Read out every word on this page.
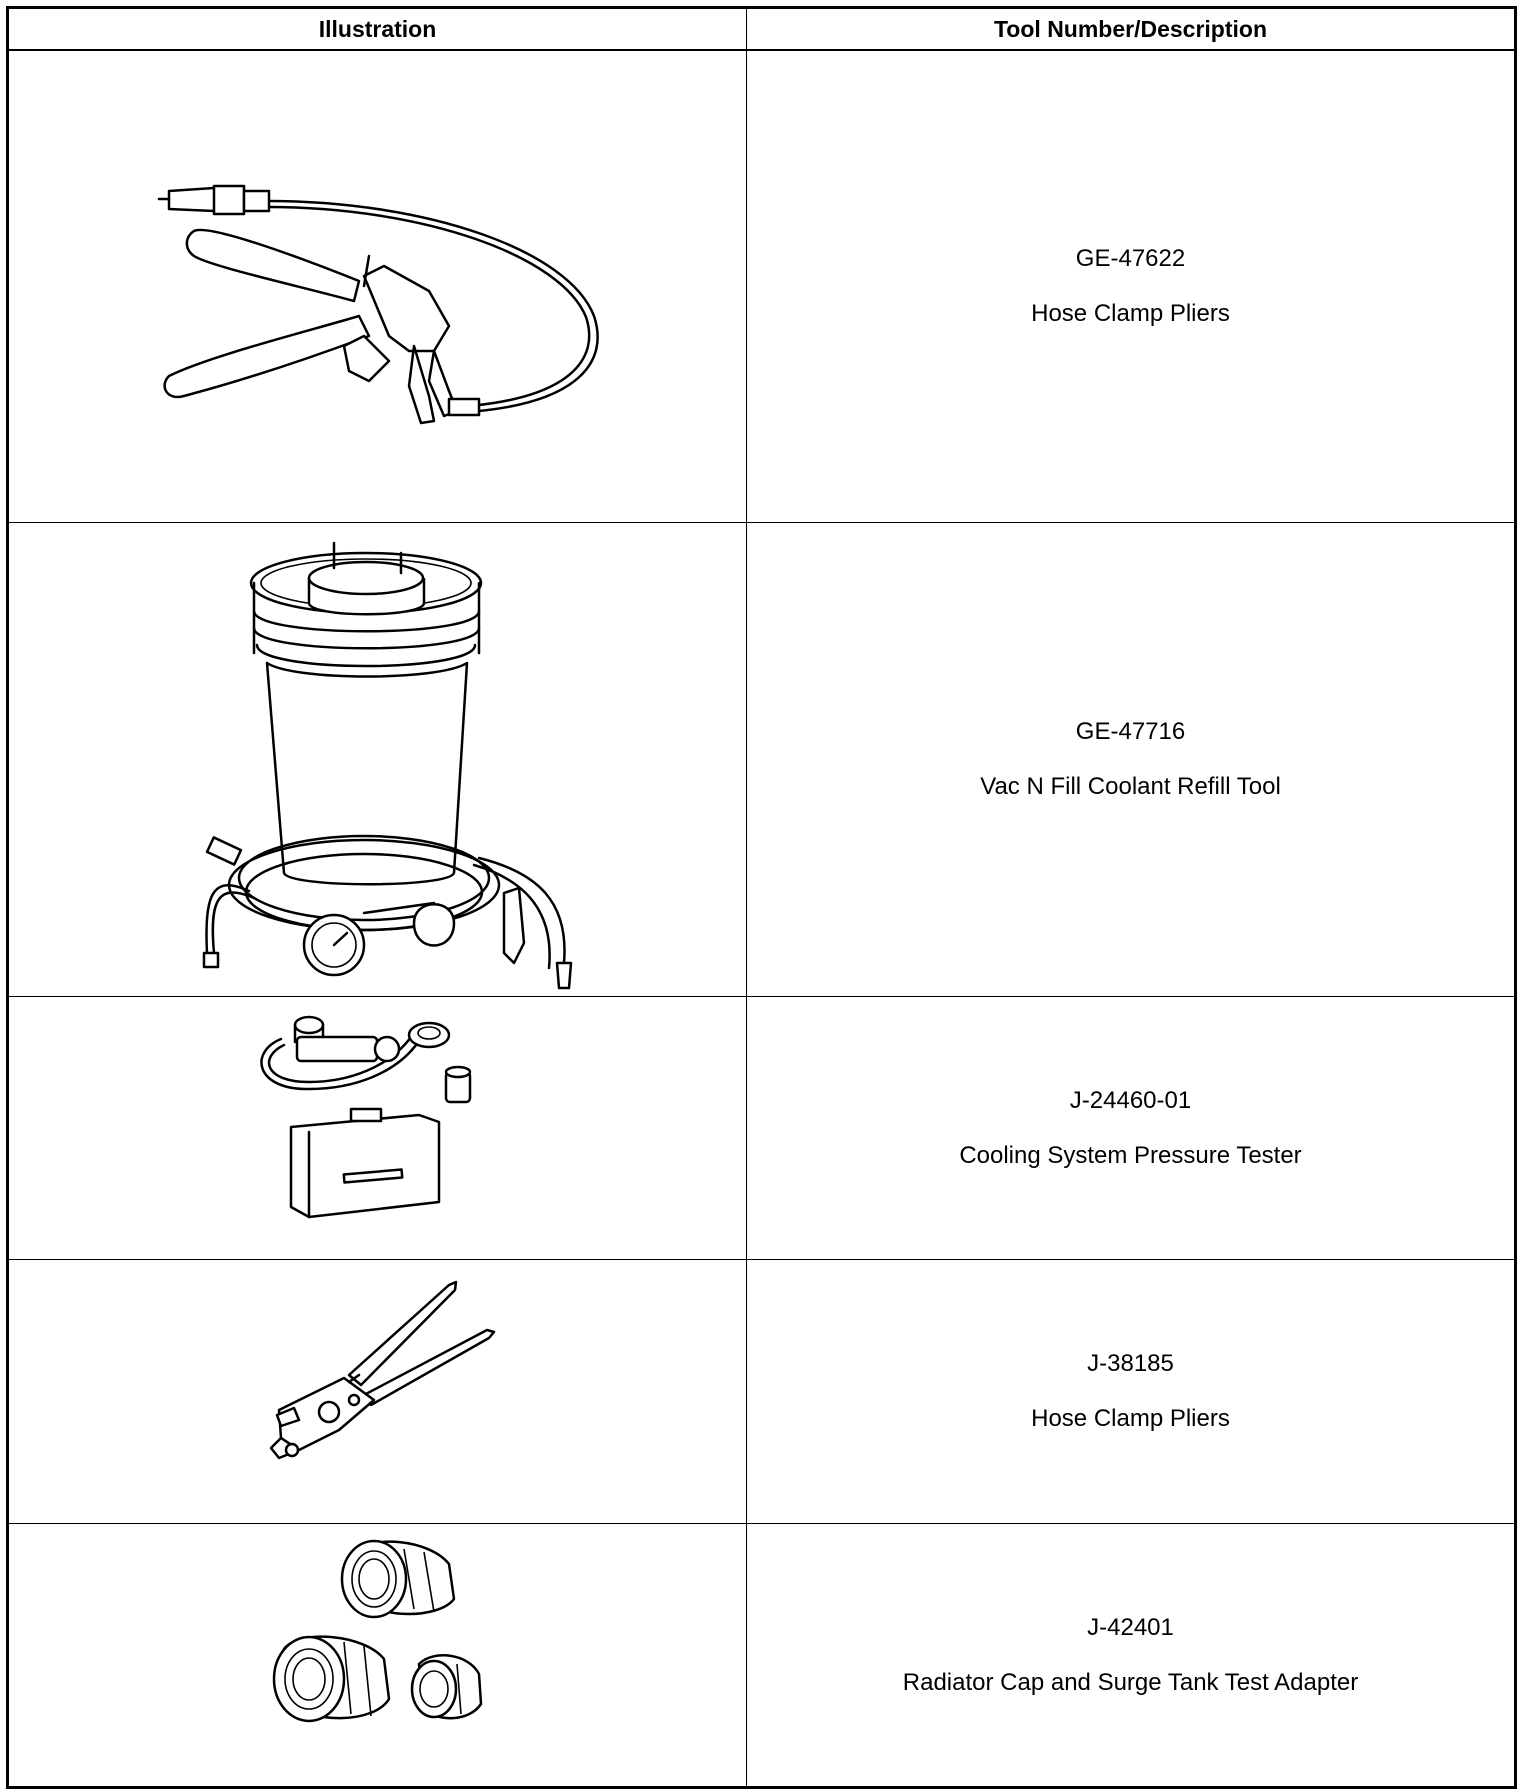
Illustration	Tool Number/Description

GE-47622
Hose Clamp Pliers

GE-47716
Vac N Fill Coolant Refill Tool

J-24460-01
Cooling System Pressure Tester

J-38185
Hose Clamp Pliers

J-42401
Radiator Cap and Surge Tank Test Adapter
